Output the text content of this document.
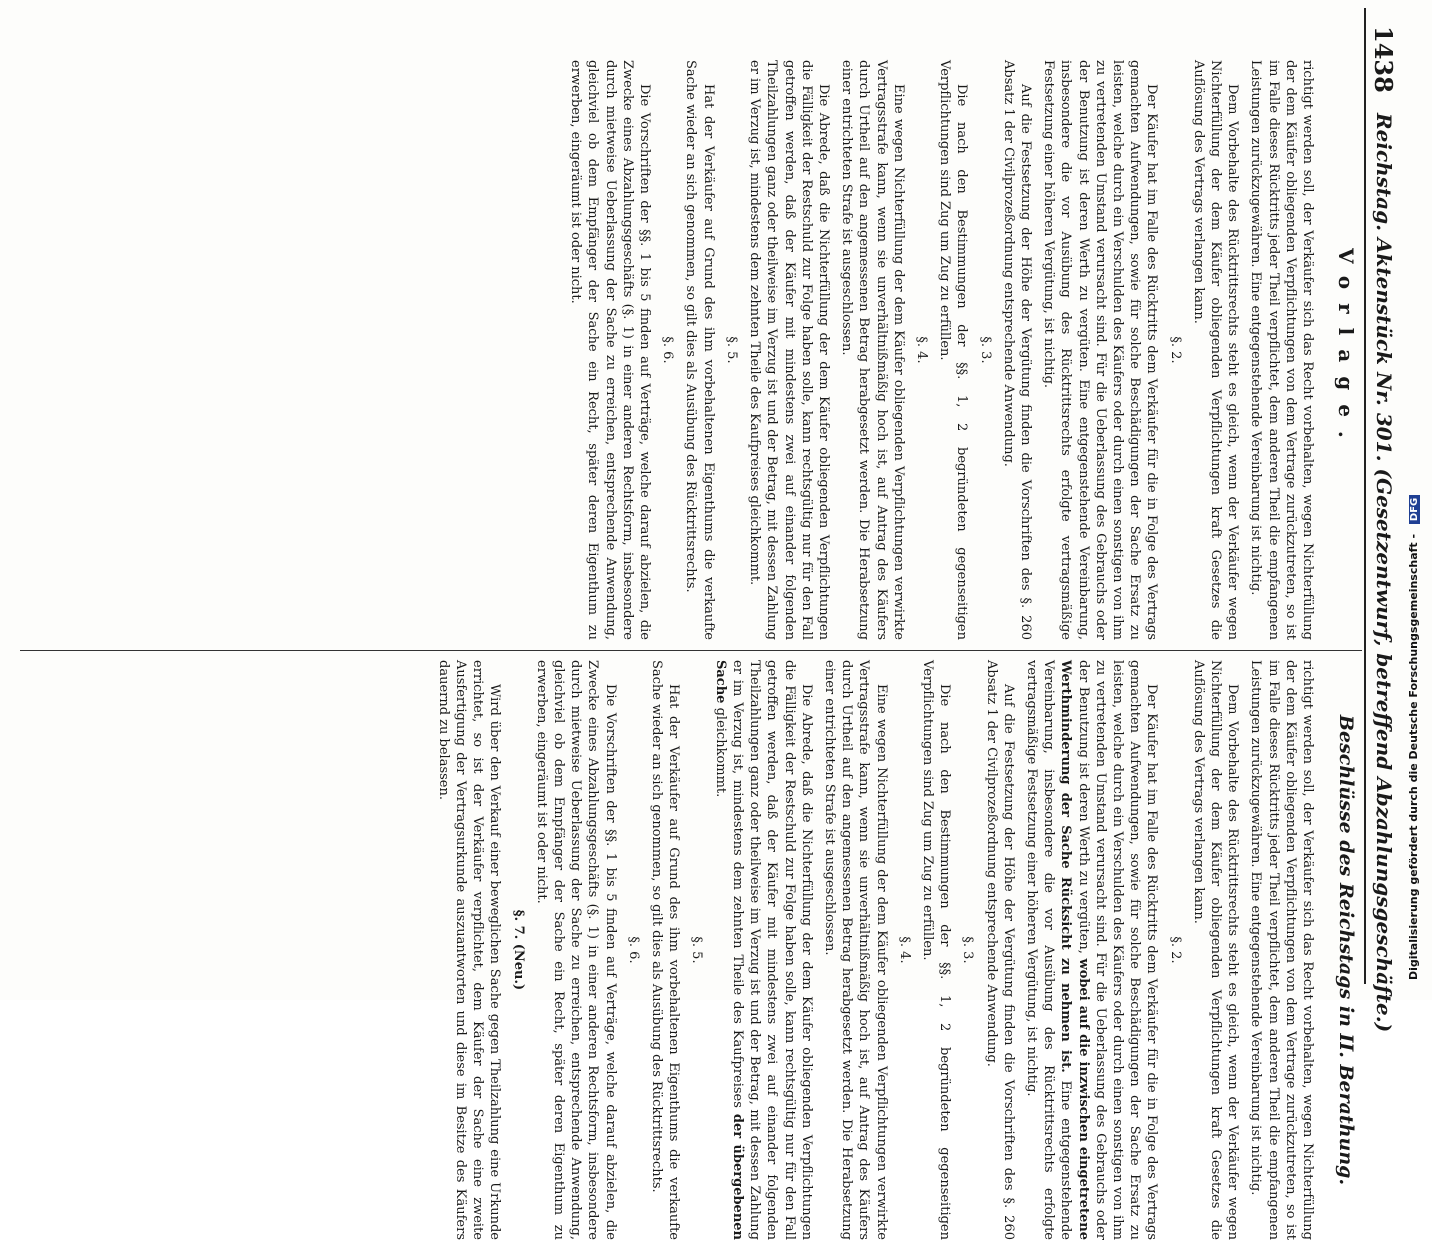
1438
Reichstag. Aktenstück Nr. 301. (Gesetzentwurf, betreffend Abzahlungsgeschäfte.)
Vorlage.

richtigt werden soll, der Verkäufer sich das Recht vorbehalten, wegen Nichterfüllung der dem Käufer obliegenden Verpflichtungen von dem Vertrage zurückzutreten, so ist im Falle dieses Rücktritts jeder Theil verpflichtet, dem anderen Theil die empfangenen Leistungen zurückzugewähren. Eine entgegenstehende Vereinbarung ist nichtig.

Dem Vorbehalte des Rücktrittsrechts steht es gleich, wenn der Verkäufer wegen Nichterfüllung der dem Käufer obliegenden Verpflichtungen kraft Gesetzes die Auflösung des Vertrags verlangen kann.

§. 2.

Der Käufer hat im Falle des Rücktritts dem Verkäufer für die in Folge des Vertrags gemachten Aufwendungen, sowie für solche Beschädigungen der Sache Ersatz zu leisten, welche durch ein Verschulden des Käufers oder durch einen sonstigen von ihm zu vertretenden Umstand verursacht sind. Für die Ueberlassung des Gebrauchs oder der Benutzung ist deren Werth zu vergüten. Eine entgegenstehende Vereinbarung, insbesondere die vor Ausübung des Rücktrittsrechts erfolgte vertragsmäßige Festsetzung einer höheren Vergütung, ist nichtig.

Auf die Festsetzung der Höhe der Vergütung finden die Vorschriften des §. 260 Absatz 1 der Civilprozeßordnung entsprechende Anwendung.

§. 3.

Die nach den Bestimmungen der §§. 1, 2 begründeten gegenseitigen Verpflichtungen sind Zug um Zug zu erfüllen.

§. 4.

Eine wegen Nichterfüllung der dem Käufer obliegenden Verpflichtungen verwirkte Vertragsstrafe kann, wenn sie unverhältnißmäßig hoch ist, auf Antrag des Käufers durch Urtheil auf den angemessenen Betrag herabgesetzt werden. Die Herabsetzung einer entrichteten Strafe ist ausgeschlossen.

Die Abrede, daß die Nichterfüllung der dem Käufer obliegenden Verpflichtungen die Fälligkeit der Restschuld zur Folge haben solle, kann rechtsgültig nur für den Fall getroffen werden, daß der Käufer mit mindestens zwei auf einander folgenden Theilzahlungen ganz oder theilweise im Verzug ist und der Betrag, mit dessen Zahlung er im Verzug ist, mindestens dem zehnten Theile des Kaufpreises gleichkommt.

§. 5.

Hat der Verkäufer auf Grund des ihm vorbehaltenen Eigenthums die verkaufte Sache wieder an sich genommen, so gilt dies als Ausübung des Rücktrittsrechts.

§. 6.

Die Vorschriften der §§. 1 bis 5 finden auf Verträge, welche darauf abzielen, die Zwecke eines Abzahlungsgeschäfts (§. 1) in einer anderen Rechtsform, insbesondere durch mietweise Ueberlassung der Sache zu erreichen, entsprechende Anwendung, gleichviel ob dem Empfänger der Sache ein Recht, später deren Eigenthum zu erwerben, eingeräumt ist oder nicht.

Beschlüsse des Reichstags in II. Berathung.

richtigt werden soll, der Verkäufer sich das Recht vorbehalten, wegen Nichterfüllung der dem Käufer obliegenden Verpflichtungen von dem Vertrage zurückzutreten, so ist im Falle dieses Rücktritts jeder Theil verpflichtet, dem anderen Theil die empfangenen Leistungen zurückzugewähren. Eine entgegenstehende Vereinbarung ist nichtig.

Dem Vorbehalte des Rücktrittsrechts steht es gleich, wenn der Verkäufer wegen Nichterfüllung der dem Käufer obliegenden Verpflichtungen kraft Gesetzes die Auflösung des Vertrags verlangen kann.

§. 2.

Der Käufer hat im Falle des Rücktritts dem Verkäufer für die in Folge des Vertrags gemachten Aufwendungen, sowie für solche Beschädigungen der Sache Ersatz zu leisten, welche durch ein Verschulden des Käufers oder durch einen sonstigen von ihm zu vertretenden Umstand verursacht sind. Für die Ueberlassung des Gebrauchs oder der Benutzung ist deren Werth zu vergüten, wobei auf die inzwischen eingetretene Werthminderung der Sache Rücksicht zu nehmen ist. Eine entgegenstehende Vereinbarung, insbesondere die vor Ausübung des Rücktrittsrechts erfolgte vertragsmäßige Festsetzung einer höheren Vergütung, ist nichtig.

Auf die Festsetzung der Höhe der Vergütung finden die Vorschriften des §. 260 Absatz 1 der Civilprozeßordnung entsprechende Anwendung.

§. 3.

Die nach den Bestimmungen der §§. 1, 2 begründeten gegenseitigen Verpflichtungen sind Zug um Zug zu erfüllen.

§. 4.

Eine wegen Nichterfüllung der dem Käufer obliegenden Verpflichtungen verwirkte Vertragsstrafe kann, wenn sie unverhältnißmäßig hoch ist, auf Antrag des Käufers durch Urtheil auf den angemessenen Betrag herabgesetzt werden. Die Herabsetzung einer entrichteten Strafe ist ausgeschlossen.

Die Abrede, daß die Nichterfüllung der dem Käufer obliegenden Verpflichtungen die Fälligkeit der Restschuld zur Folge haben solle, kann rechtsgültig nur für den Fall getroffen werden, daß der Käufer mit mindestens zwei auf einander folgenden Theilzahlungen ganz oder theilweise im Verzug ist und der Betrag, mit dessen Zahlung er im Verzug ist, mindestens dem zehnten Theile des Kaufpreises der übergebenen Sache gleichkommt.

§. 5.

Hat der Verkäufer auf Grund des ihm vorbehaltenen Eigenthums die verkaufte Sache wieder an sich genommen, so gilt dies als Ausübung des Rücktrittsrechts.

§. 6.

Die Vorschriften der §§. 1 bis 5 finden auf Verträge, welche darauf abzielen, die Zwecke eines Abzahlungsgeschäfts (§. 1) in einer anderen Rechtsform, insbesondere durch mietweise Ueberlassung der Sache zu erreichen, entsprechende Anwendung, gleichviel ob dem Empfänger der Sache ein Recht, später deren Eigenthum zu erwerben, eingeräumt ist oder nicht.

§. 7. (Neu.)

Wird über den Verkauf einer beweglichen Sache gegen Theilzahlung eine Urkunde errichtet, so ist der Verkäufer verpflichtet, dem Käufer der Sache eine zweite Ausfertigung der Vertragsurkunde auszuantworten und diese im Besitze des Käufers dauernd zu belassen.	Digitalisierung gefördert durch die Deutsche Forschungsgemeinschaft - DFG
